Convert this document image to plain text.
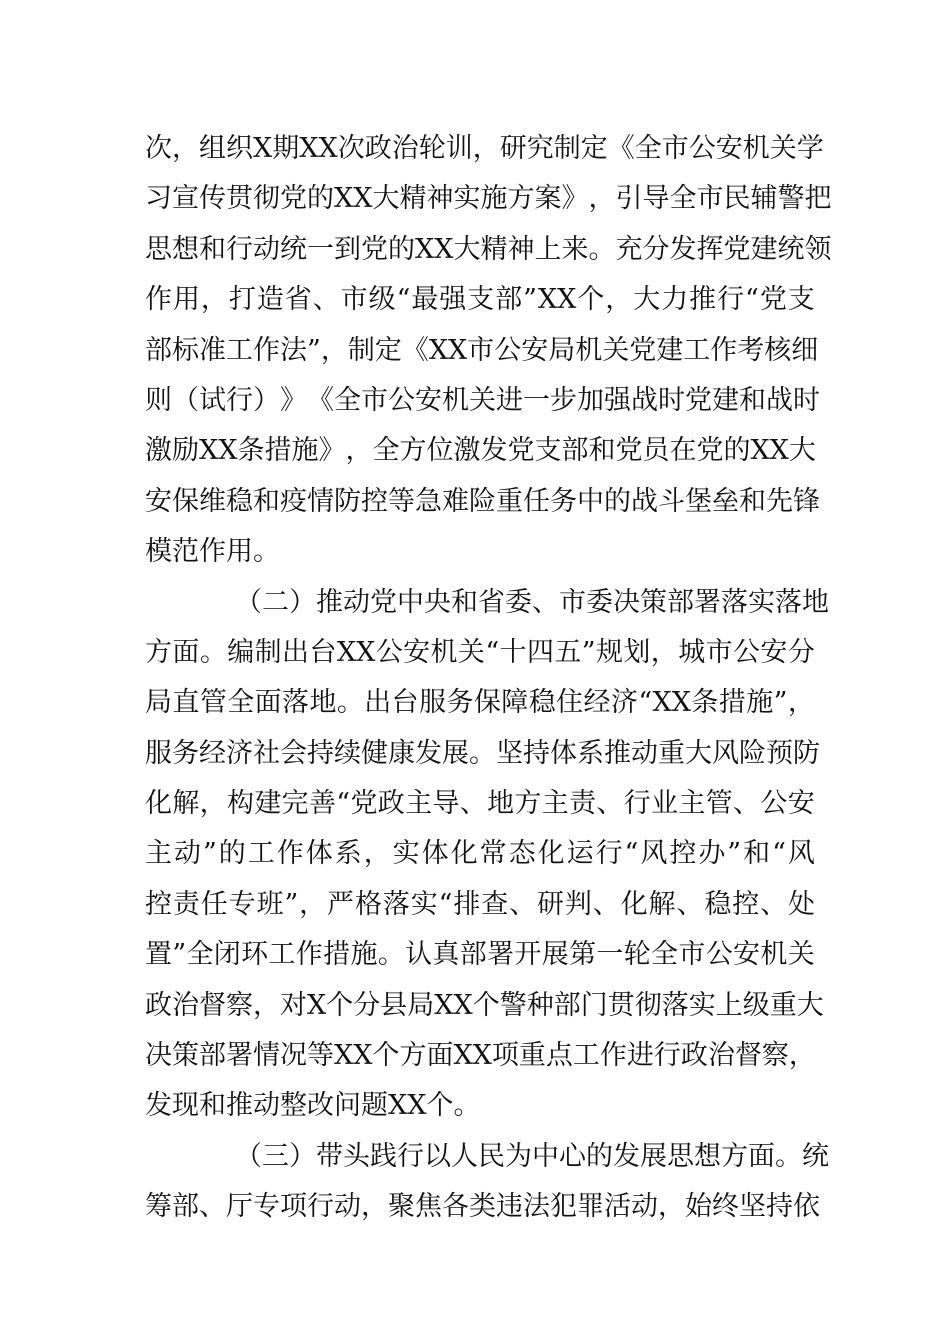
次 ， 组 织 X 期 XX 次 政 治 轮 训 ， 研 究 制 定 《 全 市 公 安 机 关 学
习 宣 传 贯 彻 党 的 XX 大 精 神 实 施 方 案 》 ， 引 导 全 市 民 辅 警 把
思 想 和 行 动 统 一 到 党 的 XX 大 精 神 上 来 。 充 分 发 挥 党 建 统 领
作 用 ， 打 造 省 、 市 级 “ 最 强 支 部 ” XX 个 ， 大 力 推 行 “ 党 支
部 标 准 工 作 法 ” ， 制 定 《 XX 市 公 安 局 机 关 党 建 工 作 考 核 细
则 （ 试 行 ） 》 《 全 市 公 安 机 关 进 一 步 加 强 战 时 党 建 和 战 时
激 励 XX 条 措 施 》 ， 全 方 位 激 发 党 支 部 和 党 员 在 党 的 XX 大
安 保 维 稳 和 疫 情 防 控 等 急 难 险 重 任 务 中 的 战 斗 堡 垒 和 先 锋
模范作用。
（ 二 ） 推 动 党 中 央 和 省 委 、 市 委 决 策 部 署 落 实 落 地
方 面 。 编 制 出 台 XX 公 安 机 关 “ 十 四 五 ” 规 划 ， 城 市 公 安 分
局 直 管 全 面 落 地 。 出 台 服 务 保 障 稳 住 经 济 “ XX 条 措 施 ” ，
服 务 经 济 社 会 持 续 健 康 发 展 。 坚 持 体 系 推 动 重 大 风 险 预 防
化 解 ， 构 建 完 善 “ 党 政 主 导 、 地 方 主 责 、 行 业 主 管 、 公 安
主 动 ” 的 工 作 体 系 ， 实 体 化 常 态 化 运 行 “ 风 控 办 ” 和 “ 风
控 责 任 专 班 ” ， 严 格 落 实 “ 排 查 、 研 判 、 化 解 、 稳 控 、 处
置 ” 全 闭 环 工 作 措 施 。 认 真 部 署 开 展 第 一 轮 全 市 公 安 机 关
政 治 督 察 ， 对 X 个 分 县 局 XX 个 警 种 部 门 贯 彻 落 实 上 级 重 大
决 策 部 署 情 况 等 XX 个 方 面 XX 项 重 点 工 作 进 行 政 治 督 察 ，
发现和推动整改问题XX个。
（ 三 ） 带 头 践 行 以 人 民 为 中 心 的 发 展 思 想 方 面 。 统
筹 部 、 厅 专 项 行 动 ， 聚 焦 各 类 违 法 犯 罪 活 动 ， 始 终 坚 持 依
